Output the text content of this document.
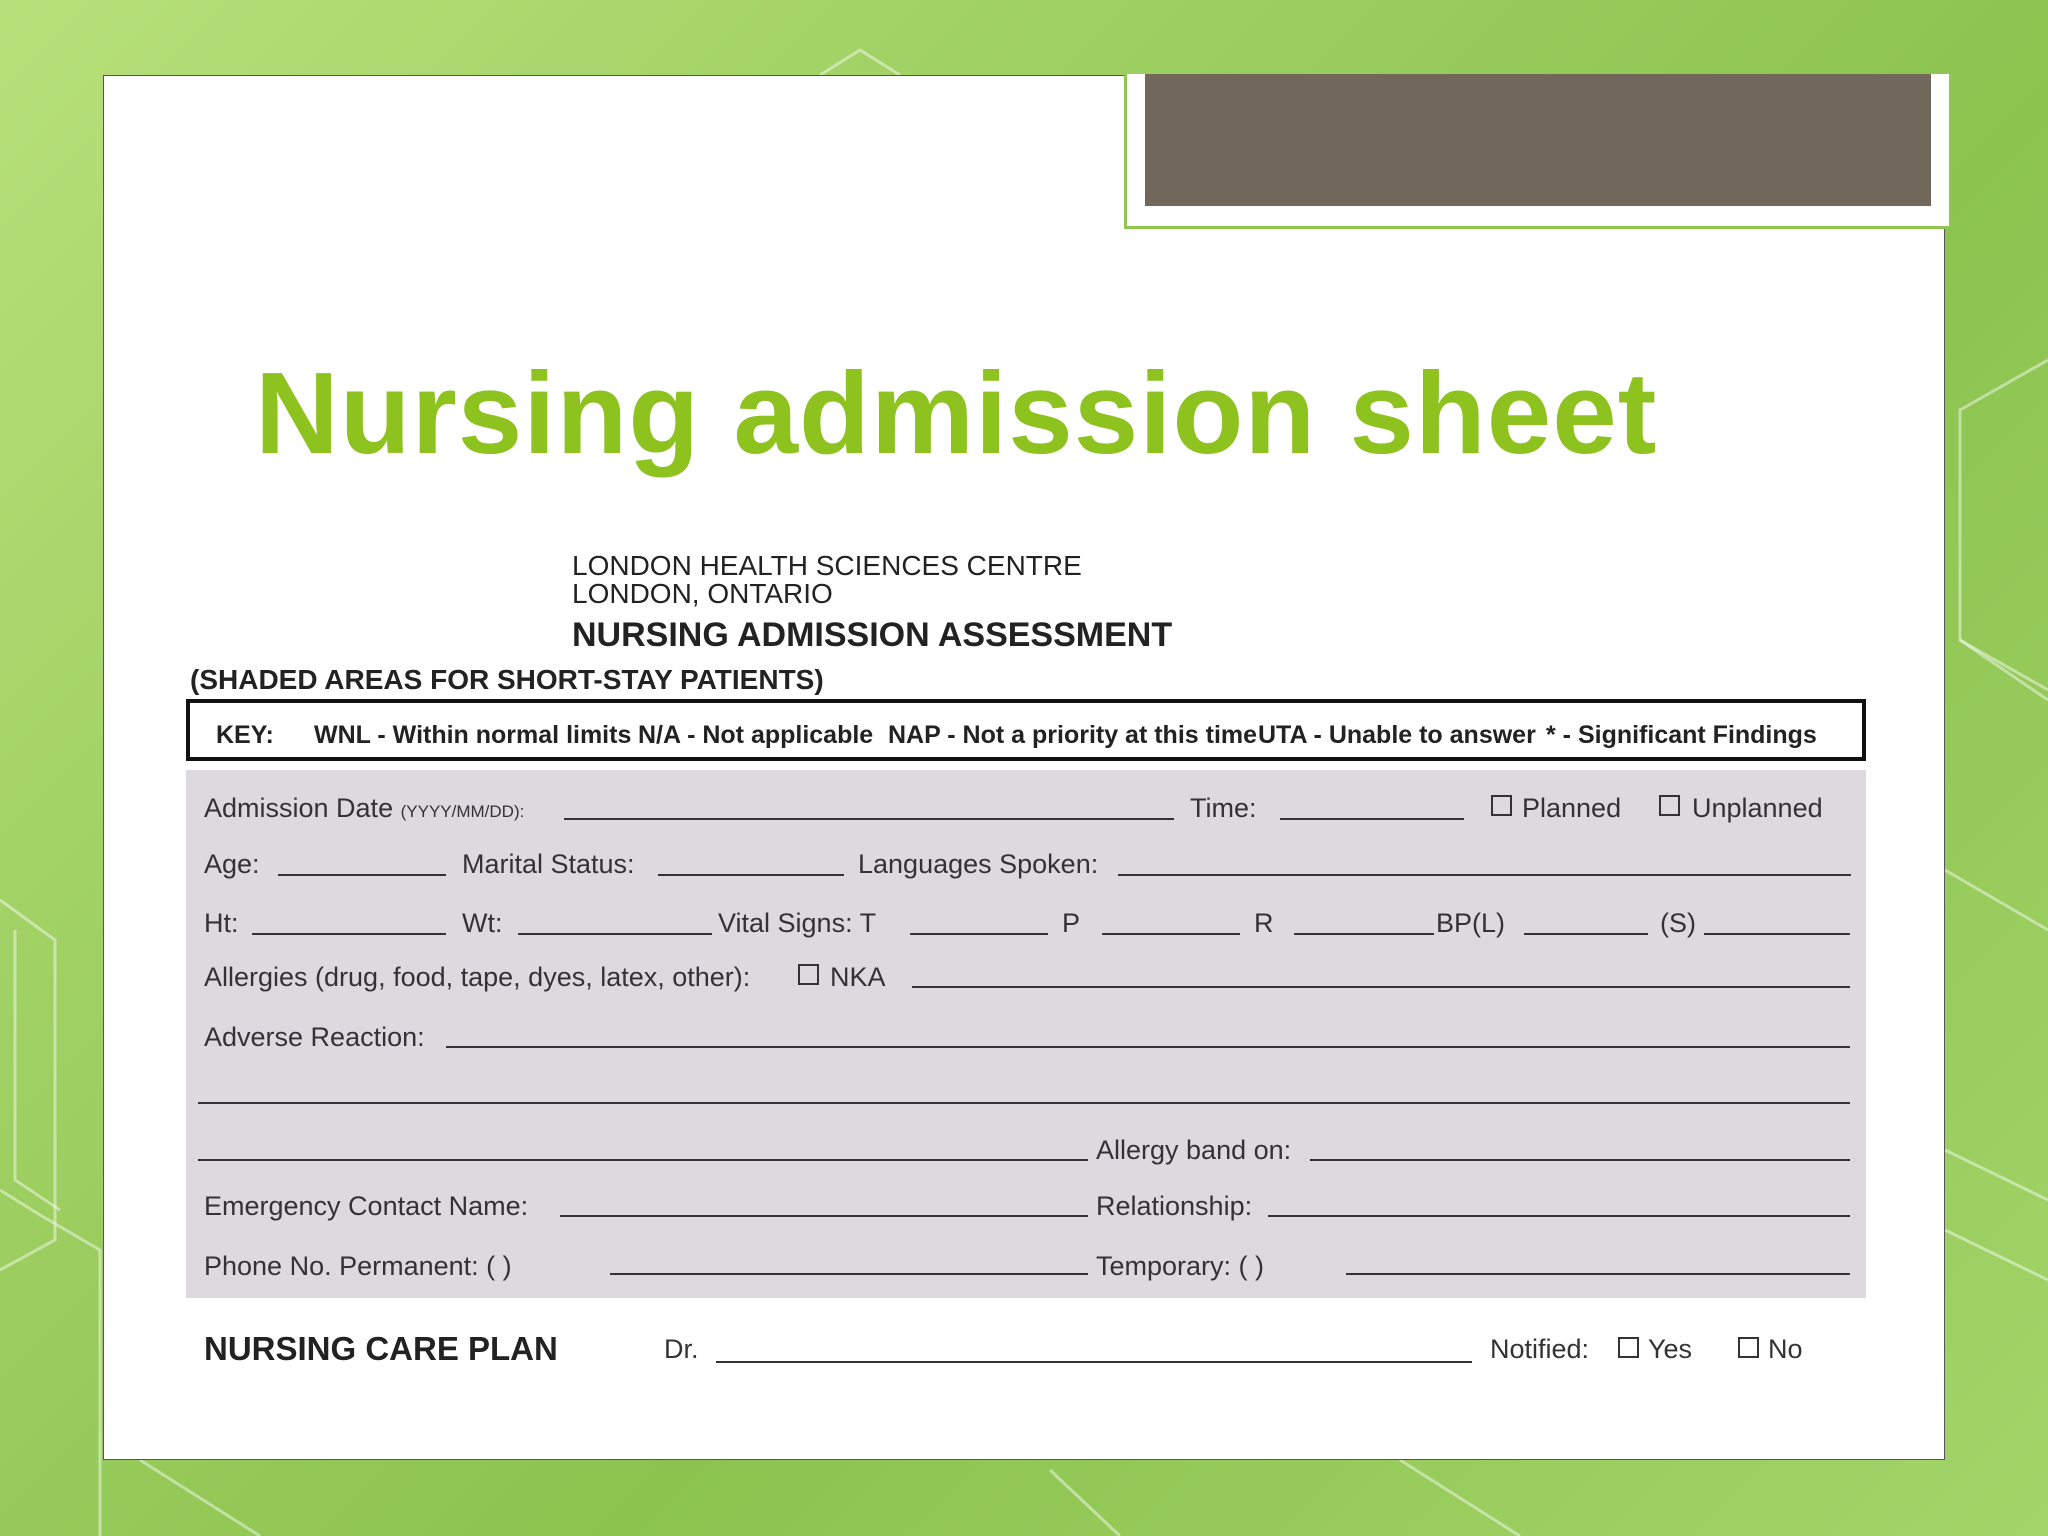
Nursing admission sheet
LONDON HEALTH SCIENCES CENTRE
LONDON, ONTARIO
NURSING ADMISSION ASSESSMENT
(SHADED AREAS FOR SHORT-STAY PATIENTS)
KEY: WNL - Within normal limits N/A - Not applicable NAP - Not a priority at this time UTA - Unable to answer * - Significant Findings
Admission Date (YYYY/MM/DD):	Time:	Planned	Unplanned
Age:	Marital Status:	Languages Spoken:
Ht:	Wt:	Vital Signs: T	P	R	BP(L)	(S)
Allergies (drug, food, tape, dyes, latex, other):	NKA
Adverse Reaction:
Allergy band on:
Emergency Contact Name:	Relationship:
Phone No. Permanent: ( )	Temporary: ( )
NURSING CARE PLAN	Dr.	Notified: Yes	No
